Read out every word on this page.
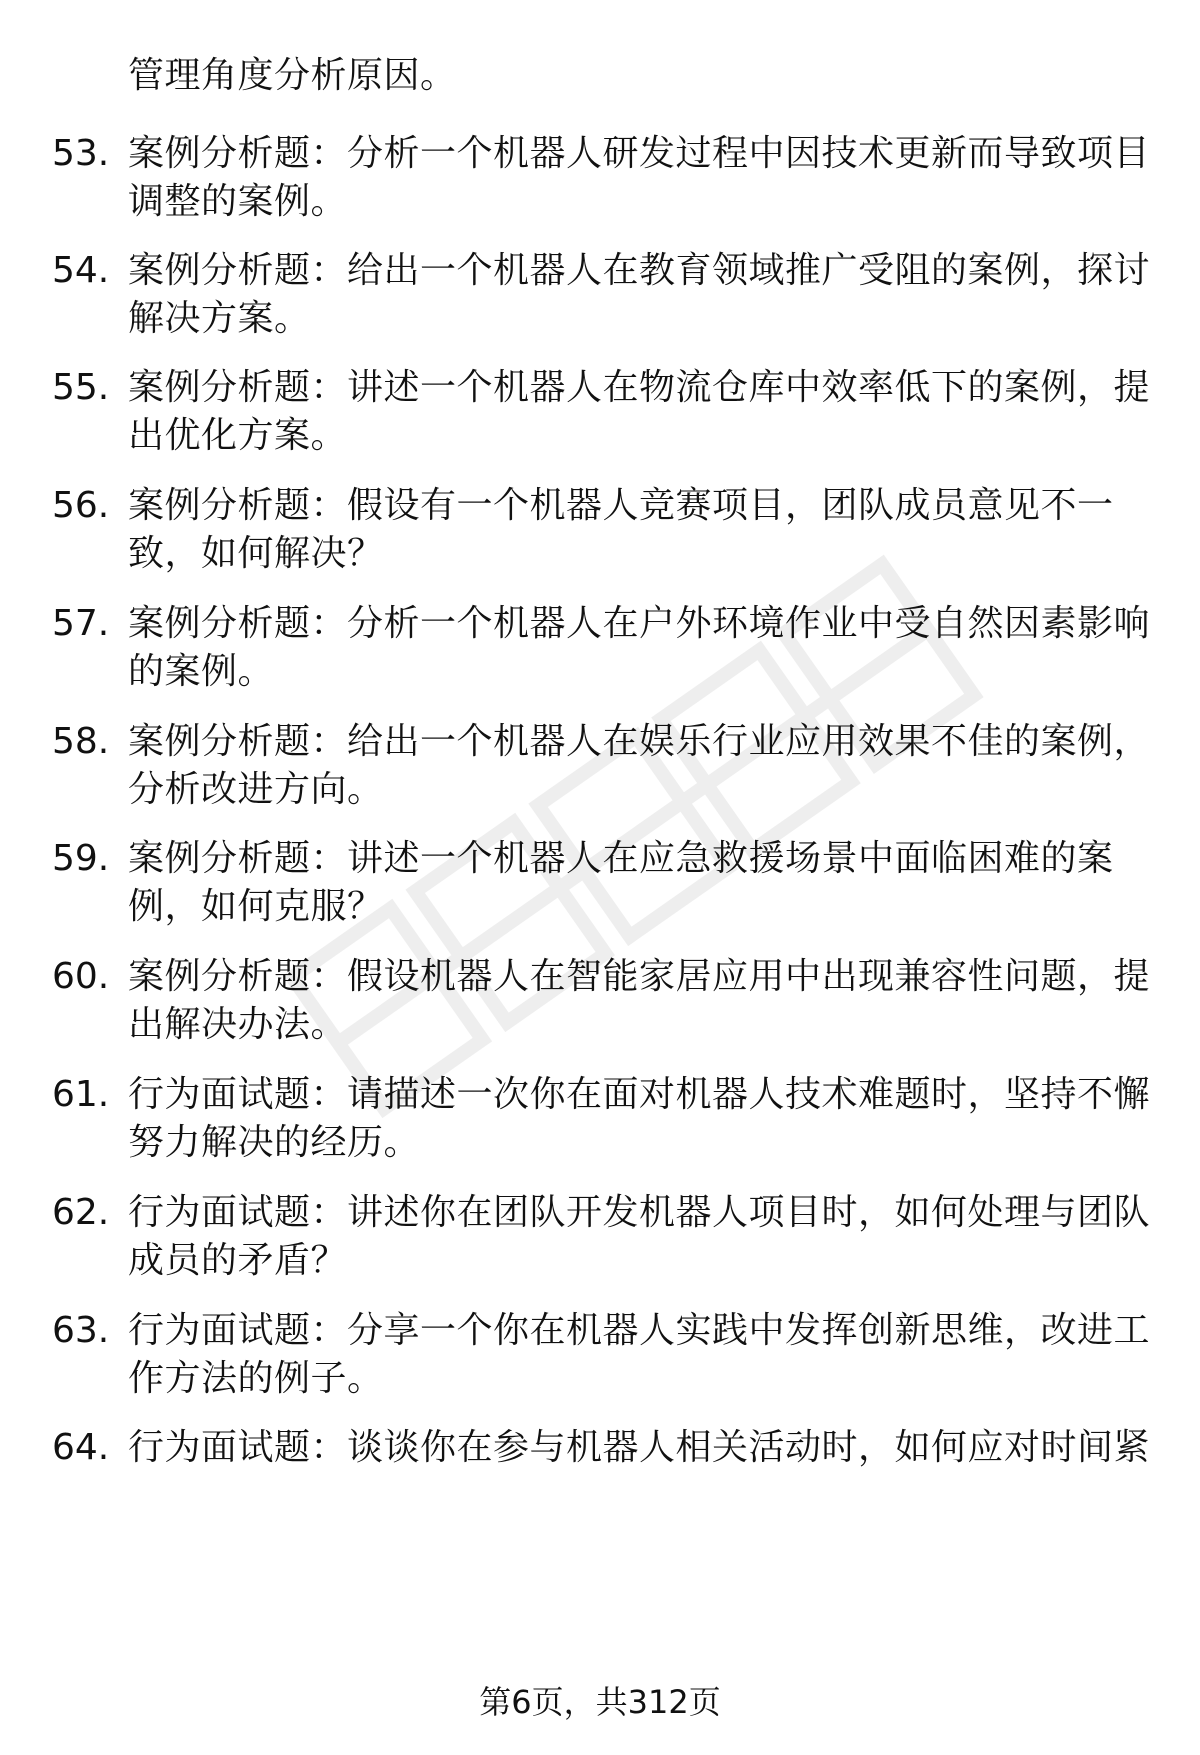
管理角度分析原因。
53. 案例分析题：分析一个机器人研发过程中因技术更新而导致项目
调整的案例。
54. 案例分析题：给出一个机器人在教育领域推广受阻的案例，探讨
解决方案。
55. 案例分析题：讲述一个机器人在物流仓库中效率低下的案例，提
出优化方案。
56. 案例分析题：假设有一个机器人竞赛项目，团队成员意见不一
致，如何解决？
57. 案例分析题：分析一个机器人在户外环境作业中受自然因素影响
的案例。
58. 案例分析题：给出一个机器人在娱乐行业应用效果不佳的案例，
分析改进方向。
59. 案例分析题：讲述一个机器人在应急救援场景中面临困难的案
例，如何克服？
60. 案例分析题：假设机器人在智能家居应用中出现兼容性问题，提
出解决办法。
61. 行为面试题：请描述一次你在面对机器人技术难题时，坚持不懈
努力解决的经历。
62. 行为面试题：讲述你在团队开发机器人项目时，如何处理与团队
成员的矛盾？
63. 行为面试题：分享一个你在机器人实践中发挥创新思维，改进工
作方法的例子。
64. 行为面试题：谈谈你在参与机器人相关活动时，如何应对时间紧
第6页，共312页
